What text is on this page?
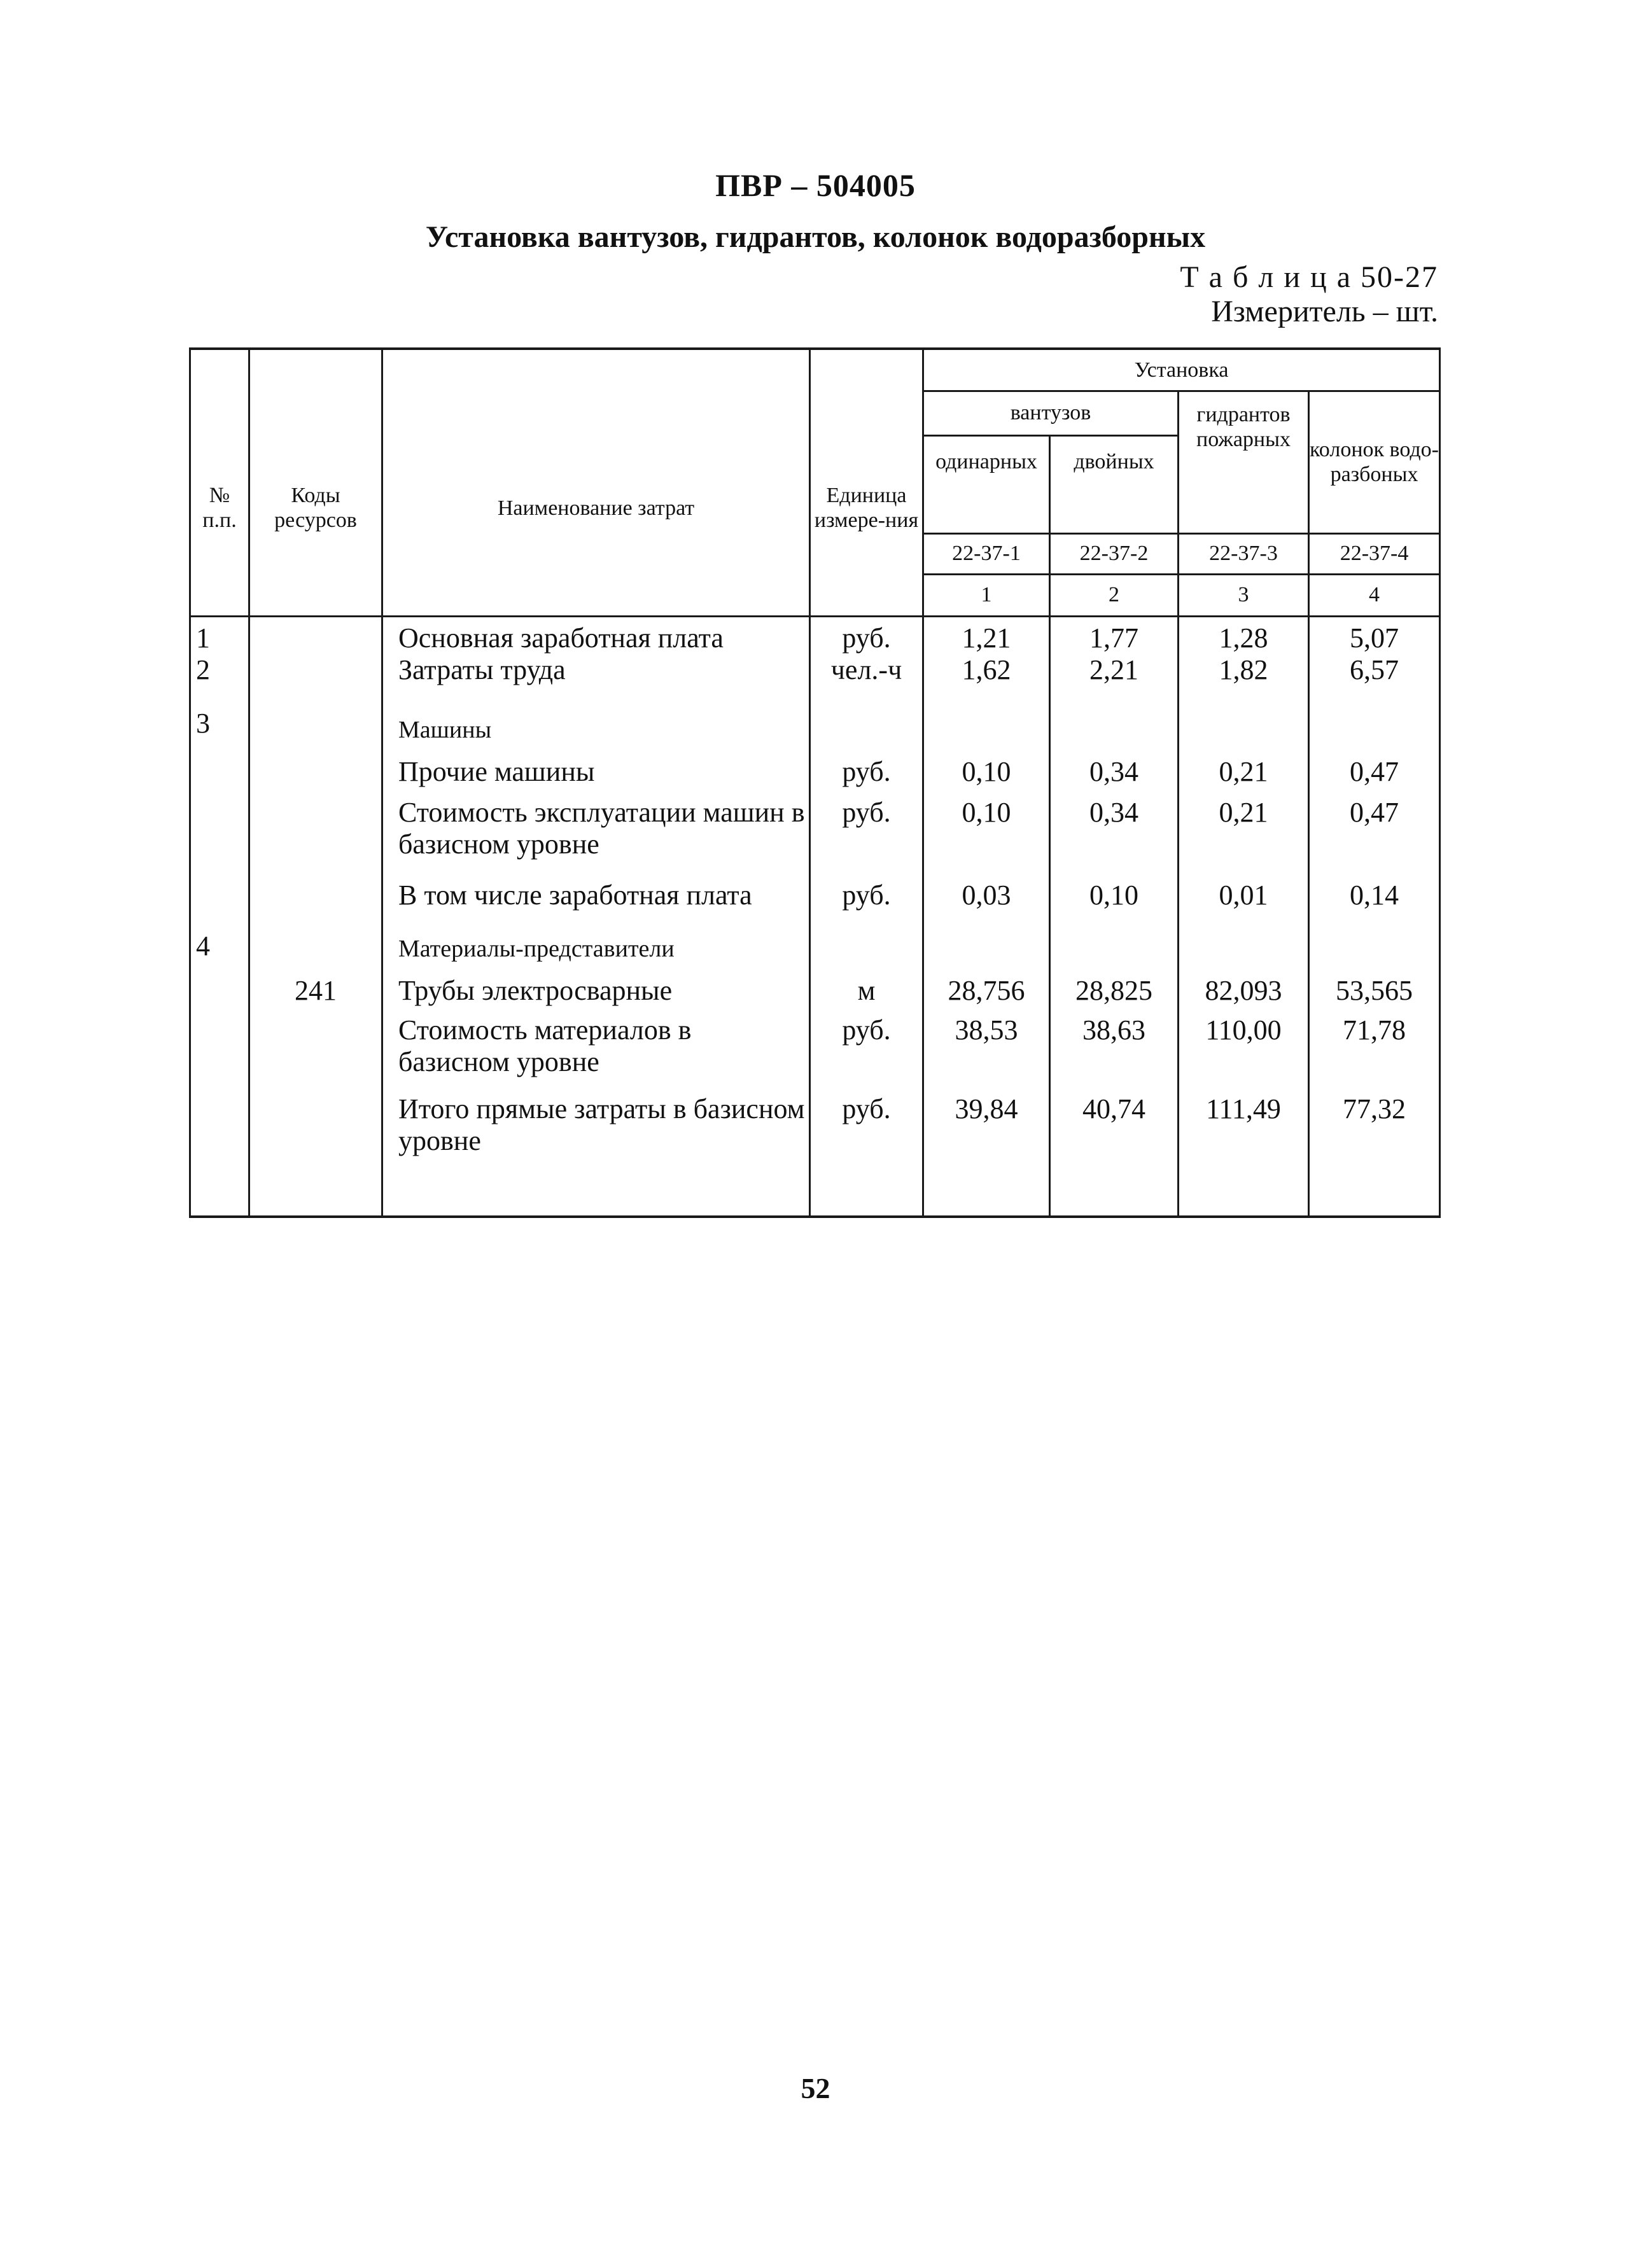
ПВР – 504005
Установка вантузов, гидрантов, колонок водоразборных
Т а б л и ц а 50-27
Измеритель – шт.
№ п.п.	Коды ресурсов	Наименование затрат	Единица измере-ния	Установка			
				вантузов		гидрантов пожарных	колонок водо-разбоных
				одинарных	двойных		
				22-37-1	22-37-2	22-37-3	22-37-4
				1	2	3	4
1		Основная заработная плата	руб.	1,21	1,77	1,28	5,07
2		Затраты труда	чел.-ч	1,62	2,21	1,82	6,57
3		Машины					
		Прочие машины	руб.	0,10	0,34	0,21	0,47
		Стоимость эксплуатации машин в базисном уровне	руб.	0,10	0,34	0,21	0,47
		В том числе заработная плата	руб.	0,03	0,10	0,01	0,14
4		Материалы-представители					
	241	Трубы электросварные	м	28,756	28,825	82,093	53,565
		Стоимость материалов в базисном уровне	руб.	38,53	38,63	110,00	71,78
		Итого прямые затраты в базисном уровне	руб.	39,84	40,74	111,49	77,32
52
